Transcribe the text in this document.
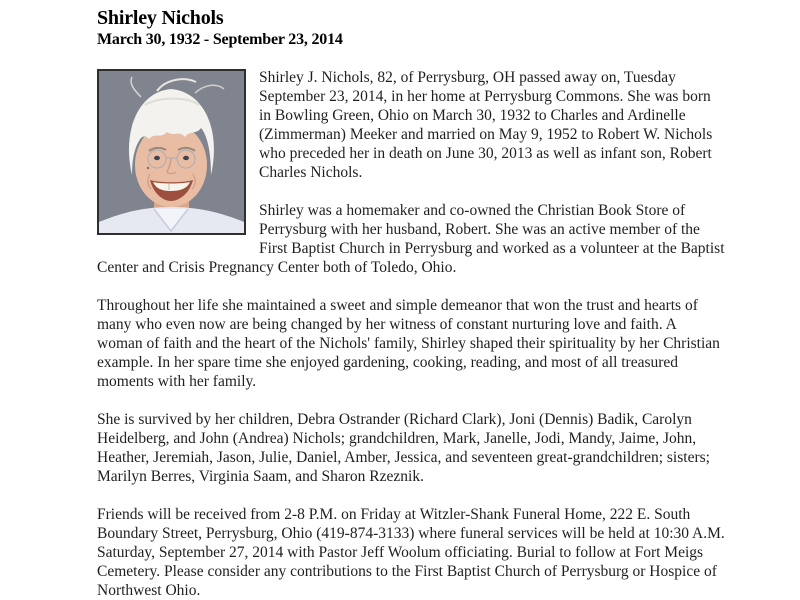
Shirley Nichols
March 30, 1932 - September 23, 2014

Shirley J. Nichols, 82, of Perrysburg, OH passed away on, Tuesday September 23, 2014, in her home at Perrysburg Commons. She was born in Bowling Green, Ohio on March 30, 1932 to Charles and Ardinelle (Zimmerman) Meeker and married on May 9, 1952 to Robert W. Nichols who preceded her in death on June 30, 2013 as well as infant son, Robert Charles Nichols.

Shirley was a homemaker and co-owned the Christian Book Store of Perrysburg with her husband, Robert. She was an active member of the First Baptist Church in Perrysburg and worked as a volunteer at the Baptist Center and Crisis Pregnancy Center both of Toledo, Ohio.

Throughout her life she maintained a sweet and simple demeanor that won the trust and hearts of many who even now are being changed by her witness of constant nurturing love and faith. A woman of faith and the heart of the Nichols' family, Shirley shaped their spirituality by her Christian example. In her spare time she enjoyed gardening, cooking, reading, and most of all treasured moments with her family.

She is survived by her children, Debra Ostrander (Richard Clark), Joni (Dennis) Badik, Carolyn Heidelberg, and John (Andrea) Nichols; grandchildren, Mark, Janelle, Jodi, Mandy, Jaime, John, Heather, Jeremiah, Jason, Julie, Daniel, Amber, Jessica, and seventeen great-grandchildren; sisters; Marilyn Berres, Virginia Saam, and Sharon Rzeznik.

Friends will be received from 2-8 P.M. on Friday at Witzler-Shank Funeral Home, 222 E. South Boundary Street, Perrysburg, Ohio (419-874-3133) where funeral services will be held at 10:30 A.M. Saturday, September 27, 2014 with Pastor Jeff Woolum officiating. Burial to follow at Fort Meigs Cemetery. Please consider any contributions to the First Baptist Church of Perrysburg or Hospice of Northwest Ohio.
